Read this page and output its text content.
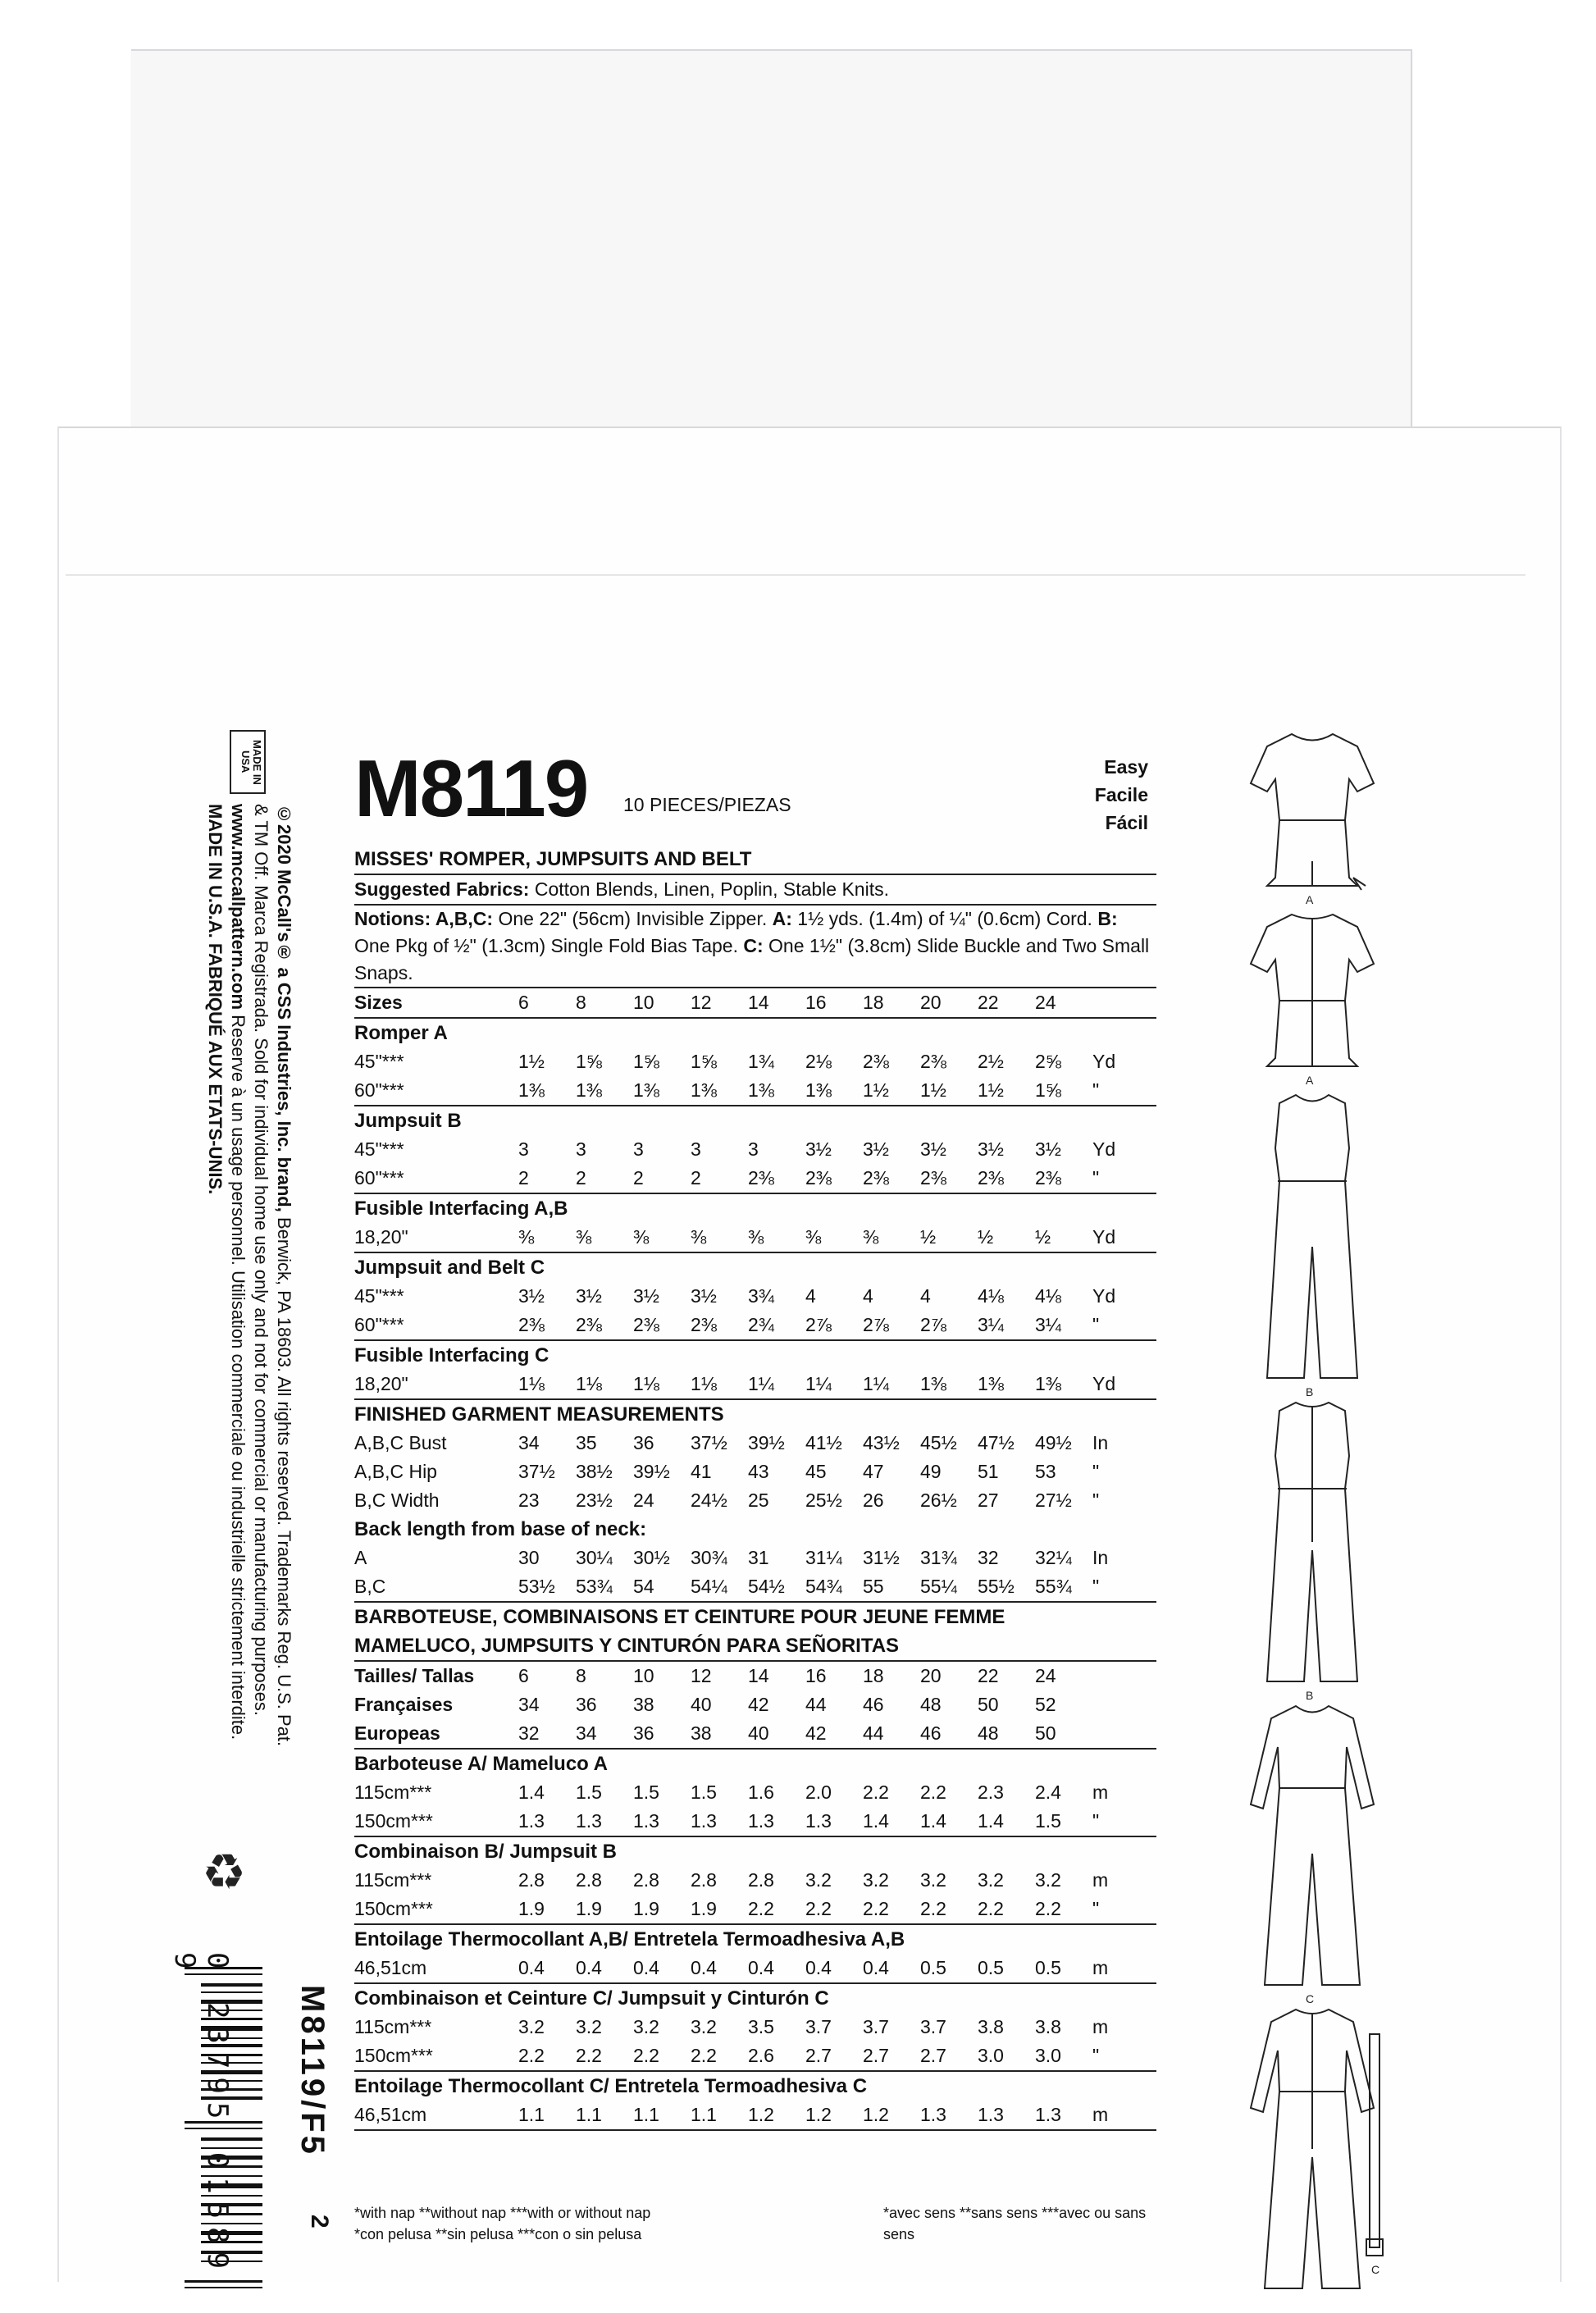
MADE IN USA
©2020 McCall's® a CSS Industries, Inc. brand, Berwick, PA 18603. All rights reserved. Trademarks Reg. U.S. Pat.
& TM Off. Marca Registrada. Sold for individual home use only and not for commercial or manufacturing purposes.
www.mccallpattern.com Reserve à un usage personnel. Utilisation commerciale ou industrielle strictement interdite.
MADE IN U.S.A. FABRIQUÉ AUX ETATS-UNIS.
♻
0 23795 01589 9
M8119/F5
2
M8119 10 PIECES/PIEZAS
Easy
Facile
Fácil
MISSES' ROMPER, JUMPSUITS AND BELT
Suggested Fabrics: Cotton Blends, Linen, Poplin, Stable Knits.
Notions: A,B,C: One 22" (56cm) Invisible Zipper. A: 1½ yds. (1.4m) of ¼" (0.6cm) Cord. B: One Pkg of ½" (1.3cm) Single Fold Bias Tape. C: One 1½" (3.8cm) Slide Buckle and Two Small Snaps.
Sizes	6	8	10	12	14	16	18	20	22	24
Romper A
45"***	1½	1⅝	1⅝	1⅝	1¾	2⅛	2⅜	2⅜	2½	2⅝	Yd
60"***	1⅜	1⅜	1⅜	1⅜	1⅜	1⅜	1½	1½	1½	1⅝	"
Jumpsuit B
45"***	3	3	3	3	3	3½	3½	3½	3½	3½	Yd
60"***	2	2	2	2	2⅜	2⅜	2⅜	2⅜	2⅜	2⅜	"
Fusible Interfacing A,B
18,20"	⅜	⅜	⅜	⅜	⅜	⅜	⅜	½	½	½	Yd
Jumpsuit and Belt C
45"***	3½	3½	3½	3½	3¾	4	4	4	4⅛	4⅛	Yd
60"***	2⅜	2⅜	2⅜	2⅜	2¾	2⅞	2⅞	2⅞	3¼	3¼	"
Fusible Interfacing C
18,20"	1⅛	1⅛	1⅛	1⅛	1¼	1¼	1¼	1⅜	1⅜	1⅜	Yd
FINISHED GARMENT MEASUREMENTS
A,B,C Bust	34	35	36	37½	39½	41½	43½	45½	47½	49½	In
A,B,C Hip	37½	38½	39½	41	43	45	47	49	51	53	"
B,C Width	23	23½	24	24½	25	25½	26	26½	27	27½	"
Back length from base of neck:
A	30	30¼	30½	30¾	31	31¼	31½	31¾	32	32¼	In
B,C	53½	53¾	54	54¼	54½	54¾	55	55¼	55½	55¾	"
BARBOTEUSE, COMBINAISONS ET CEINTURE POUR JEUNE FEMME
MAMELUCO, JUMPSUITS Y CINTURÓN PARA SEÑORITAS
Tailles/ Tallas	6	8	10	12	14	16	18	20	22	24
Françaises	34	36	38	40	42	44	46	48	50	52
Europeas	32	34	36	38	40	42	44	46	48	50
Barboteuse A/ Mameluco A
115cm***	1.4	1.5	1.5	1.5	1.6	2.0	2.2	2.2	2.3	2.4	m
150cm***	1.3	1.3	1.3	1.3	1.3	1.3	1.4	1.4	1.4	1.5	"
Combinaison B/ Jumpsuit B
115cm***	2.8	2.8	2.8	2.8	2.8	3.2	3.2	3.2	3.2	3.2	m
150cm***	1.9	1.9	1.9	1.9	2.2	2.2	2.2	2.2	2.2	2.2	"
Entoilage Thermocollant A,B/ Entretela Termoadhesiva A,B
46,51cm	0.4	0.4	0.4	0.4	0.4	0.4	0.4	0.5	0.5	0.5	m
Combinaison et Ceinture C/ Jumpsuit y Cinturón C
115cm***	3.2	3.2	3.2	3.2	3.5	3.7	3.7	3.7	3.8	3.8	m
150cm***	2.2	2.2	2.2	2.2	2.6	2.7	2.7	2.7	3.0	3.0	"
Entoilage Thermocollant C/ Entretela Termoadhesiva C
46,51cm	1.1	1.1	1.1	1.1	1.2	1.2	1.2	1.3	1.3	1.3	m
*with nap **without nap ***with or without nap
*con pelusa **sin pelusa ***con o sin pelusa
*avec sens **sans sens ***avec ou sans sens
A
A
B
B
C
C
